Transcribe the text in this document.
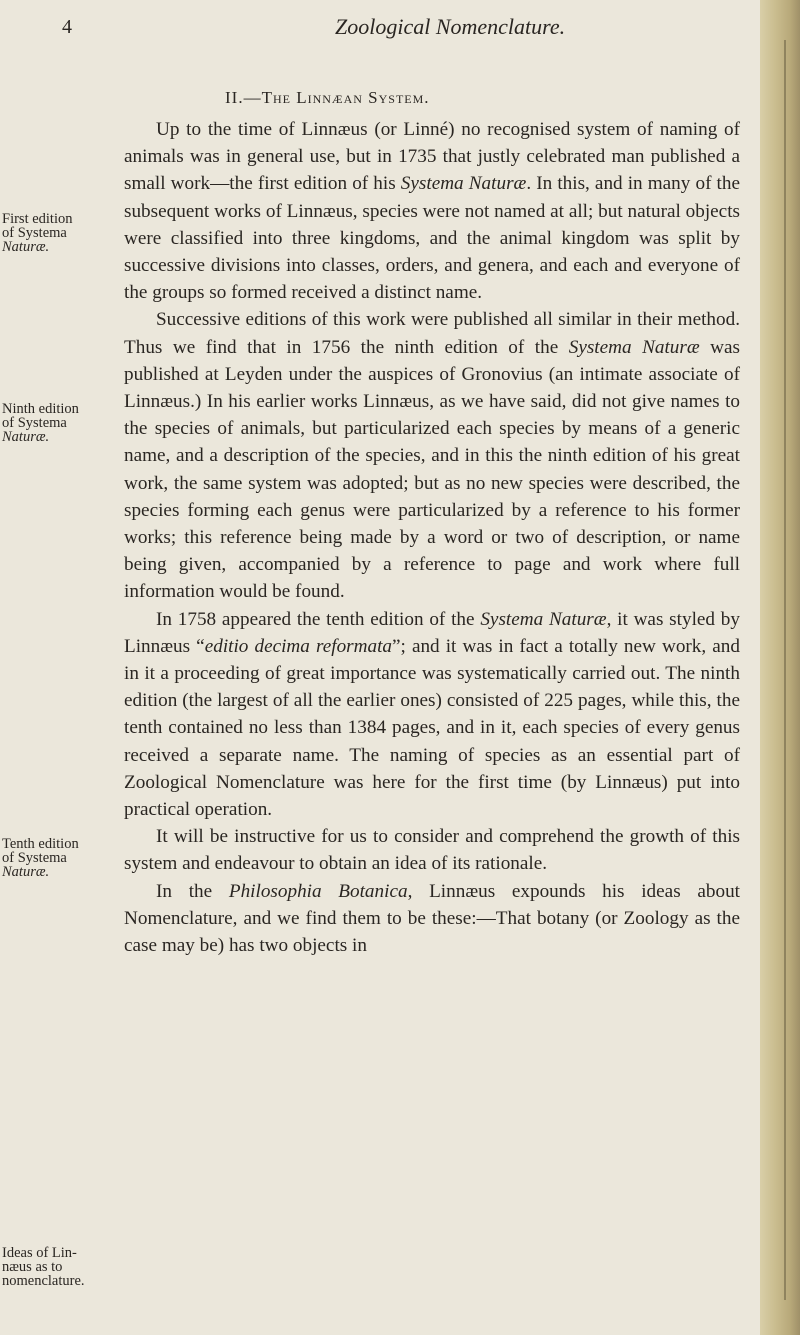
4	Zoological Nomenclature.
II.—The Linnæan System.
First edition
of Systema
Naturæ.
Ninth edition
of Systema
Naturæ.
Tenth edition
of Systema
Naturæ.
Ideas of Lin-
næus as to
nomenclature.

Up to the time of Linnæus (or Linné) no recognised system of naming of animals was in general use, but in 1735 that justly celebrated man published a small work—the first edition of his Systema Naturæ. In this, and in many of the subsequent works of Linnæus, species were not named at all; but natural objects were classified into three kingdoms, and the animal kingdom was split by successive divisions into classes, orders, and genera, and each and everyone of the groups so formed received a distinct name.

Successive editions of this work were published all similar in their method. Thus we find that in 1756 the ninth edition of the Systema Naturæ was published at Leyden under the auspices of Gronovius (an intimate associate of Linnæus.) In his earlier works Linnæus, as we have said, did not give names to the species of animals, but particularized each species by means of a generic name, and a description of the species, and in this the ninth edition of his great work, the same system was adopted; but as no new species were described, the species forming each genus were particularized by a reference to his former works; this reference being made by a word or two of description, or name being given, accompanied by a reference to page and work where full information would be found.

In 1758 appeared the tenth edition of the Systema Naturæ, it was styled by Linnæus “editio decima reformata”; and it was in fact a totally new work, and in it a proceeding of great importance was systematically carried out. The ninth edition (the largest of all the earlier ones) consisted of 225 pages, while this, the tenth contained no less than 1384 pages, and in it, each species of every genus received a separate name. The naming of species as an essential part of Zoological Nomenclature was here for the first time (by Linnæus) put into practical operation.

It will be instructive for us to consider and comprehend the growth of this system and endeavour to obtain an idea of its rationale.

In the Philosophia Botanica, Linnæus expounds his ideas about Nomenclature, and we find them to be these:—That botany (or Zoology as the case may be) has two objects in
